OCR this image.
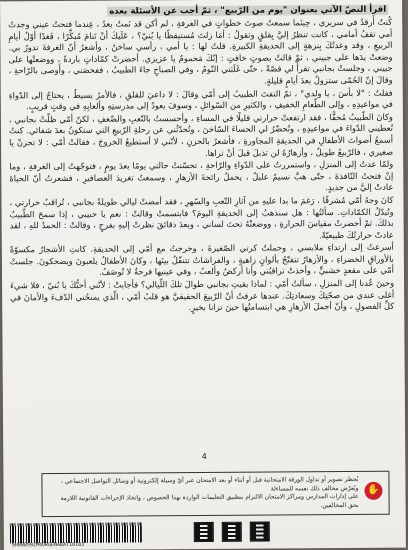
اقرأ النصّ الآتي بعنوان "يوم من الرّبيع" ، ثمّ أجب عن الأسئلة بعده

كُنتُ أَرقدُ في سريري ، حِينَما سمعتُ صوتَ خطواتٍ في الغرفةِ ، لم أكن قد نَمتُ بعدُ ، عِندما فتحتُ عيني وجدتُ أمي تقفُ أمامي ، كانت تنظرُ إليَّ بِقلقٍ وتقولُ : أمَا زلتَ مُستيقظًا يا بُنيّ؟ ، عَلَيكَ أنْ تَنامَ مُبكِّرًا ، فَغدًا أوّلُ أيامِ الربيعِ ، وقد وعدتُكَ بِنزهةٍ إلى الحديقةِ الكبيرةِ. قلتُ لها : يا أمي ، رأسي ساخنٌ ، وأشعرُ أنّ الغرفةَ تدورُ بي. وضعتْ يدَها على جبيني ، ثمّ قالتْ بصوتٍ خافتٍ : إنّكَ مَحمومٌ يا عزيزي. أحضرتْ كمّاداتٍ باردةً ، ووضعتْها على جبيني ، وجلستْ بجانبي تقرأُ لي قصّةً ، حتّى غَلَبَني النّومُ ، وفي الصباحِ جاءَ الطبيبُ ، ففحصَني ، وأَوصى بالرّاحةِ ، وقالَ إنّ الحُمّى ستزولُ بعدَ أيامٍ قليلةٍ.

فقلتُ : "لا بأسَ ، يا ولدي" ، ثمّ التفتَ الطبيبُ إلى أمّي وقالَ : لا داعيَ للقلقِ ، فالأمرُ بسيطٌ ، يحتاجُ إلى الدّواءِ في مواعيدِهِ ، وإلى الطّعامِ الخفيفِ ، والكثيرِ من السّوائلِ ، وسوفَ يعودُ إلى مدرستِهِ وألعابِهِ في وقتٍ قريبٍ.

وكانَ الطّبيبُ مُحقًّا ، فقد ارتفعتْ حرارتي قليلًا في المساءِ ، وأحسستُ بالتّعبِ والضّعفِ ، لكنّ أمّي ظلّتْ بجانبي ، تُعطيني الدّواءَ في مواعيدِهِ ، وتُحضّرُ لي الحساءَ السّاخنَ ، وتُحدّثُني عن رحلةِ الرّبيعِ التي ستكونُ بعدَ شفائي. كنتُ أسمعُ أصواتَ الأطفالِ في الحديقةِ المجاورةِ ، فأشعرُ بالحزنِ ، لأنّني لا أستطيعُ الخروجَ ، فقالتْ أمّي : لا تحزنْ يا صغيري ، فالرّبيعُ طويلٌ ، وأزهارُهُ لن تذبلَ قبلَ أنْ تراها.

ولمّا عدتُ إلى المنزلِ ، واستمررتُ على الدّواءِ والرّاحةِ ، تحسّنتْ حالتي يومًا بعدَ يومٍ ، فتوجّهتُ إلى الغرفةِ ، وما إنْ فتحتُ النّافذةَ ، حتّى هبَّ نسيمٌ عليلٌ ، يحملُ رائحةَ الأزهارِ ، وسمعتُ تغريدَ العصافيرِ ، فشعرتُ أنّ الحياةَ عادتْ إليَّ من جديدٍ.

كانَ وجهُ أمّي مُشرقًا ، رَغمَ ما بدا عليهِ من آثارِ التّعبِ والسّهرِ ، فقد أمضتْ ليالي طويلةً بجانبي ، تُراقبُ حرارتي ، وتُبدّلُ الكمّاداتِ. سألتُها : هل سنذهبُ إلى الحديقةِ اليومَ؟ فابتسمتْ وقالتْ : نعم يا حبيبي ، إذا سمحَ الطّبيبُ بذلكَ. ثمّ أحضرتْ مقياسَ الحرارةِ ، ووضعتْهُ تحتَ لساني ، وبعدَ دقائقَ نظرتْ إليهِ بفرحٍ ، وقالتْ : الحمدُ للهِ ، لقد عادتْ حرارتُكَ طبيعيّةً.

أسرعتُ إلى ارتداءِ ملابسي ، وحملتُ كرتي الصّغيرةَ ، وخرجتُ مع أمّي إلى الحديقةِ. كانتِ الأشجارُ مكسوّةً بالأوراقِ الخضراءِ ، والأزهارُ تتفتّحُ بألوانٍ زاهيةٍ ، والفراشاتُ تتنقّلُ بينَها ، وكانَ الأطفالُ يلعبونَ ويضحكونَ. جلستْ أمّي على مقعدٍ خشبيٍّ ، وأخذتْ تراقبُني وأنا أركضُ وألعبُ ، وفي عينيها فرحةٌ لا تُوصَفُ.

وحينَ عُدنا إلى المنزلِ ، سألتُ أمّي : لماذا بقيتِ بجانبي طوالَ تلكَ اللّيالي؟ فأجابتْ : لأنّني أحبُّكَ يا بُنيّ ، فلا شيءَ أغلى عندي من صحّتِكَ وسعادتِكَ. عندها عرفتُ أنّ الرّبيعَ الحقيقيَّ هو قلبُ أمّي ، الّذي يمنحُني الدّفءَ والأمانَ في كلِّ الفصولِ ، وأنّ أجملَ الأزهارِ هي ابتسامتُها حينَ ترانا بخيرٍ.

4

يُحظر تصوير أو تداول الورقة الامتحانية قبل أو أثناء أو بعد الامتحان عبر أيّ وسيلة إلكترونية أو وسائل التواصل الاجتماعي ، ويُعرّض مخالف ذلك نفسه للمساءلة

على إدارات المدارس ومراكز الامتحان الالتزام بتطبيق التعليمات الواردة بهذا الخصوص ، واتخاذ الإجراءات القانونية اللازمة بحق المخالفين.

✋
SH000592M4ORGENABAT10103
